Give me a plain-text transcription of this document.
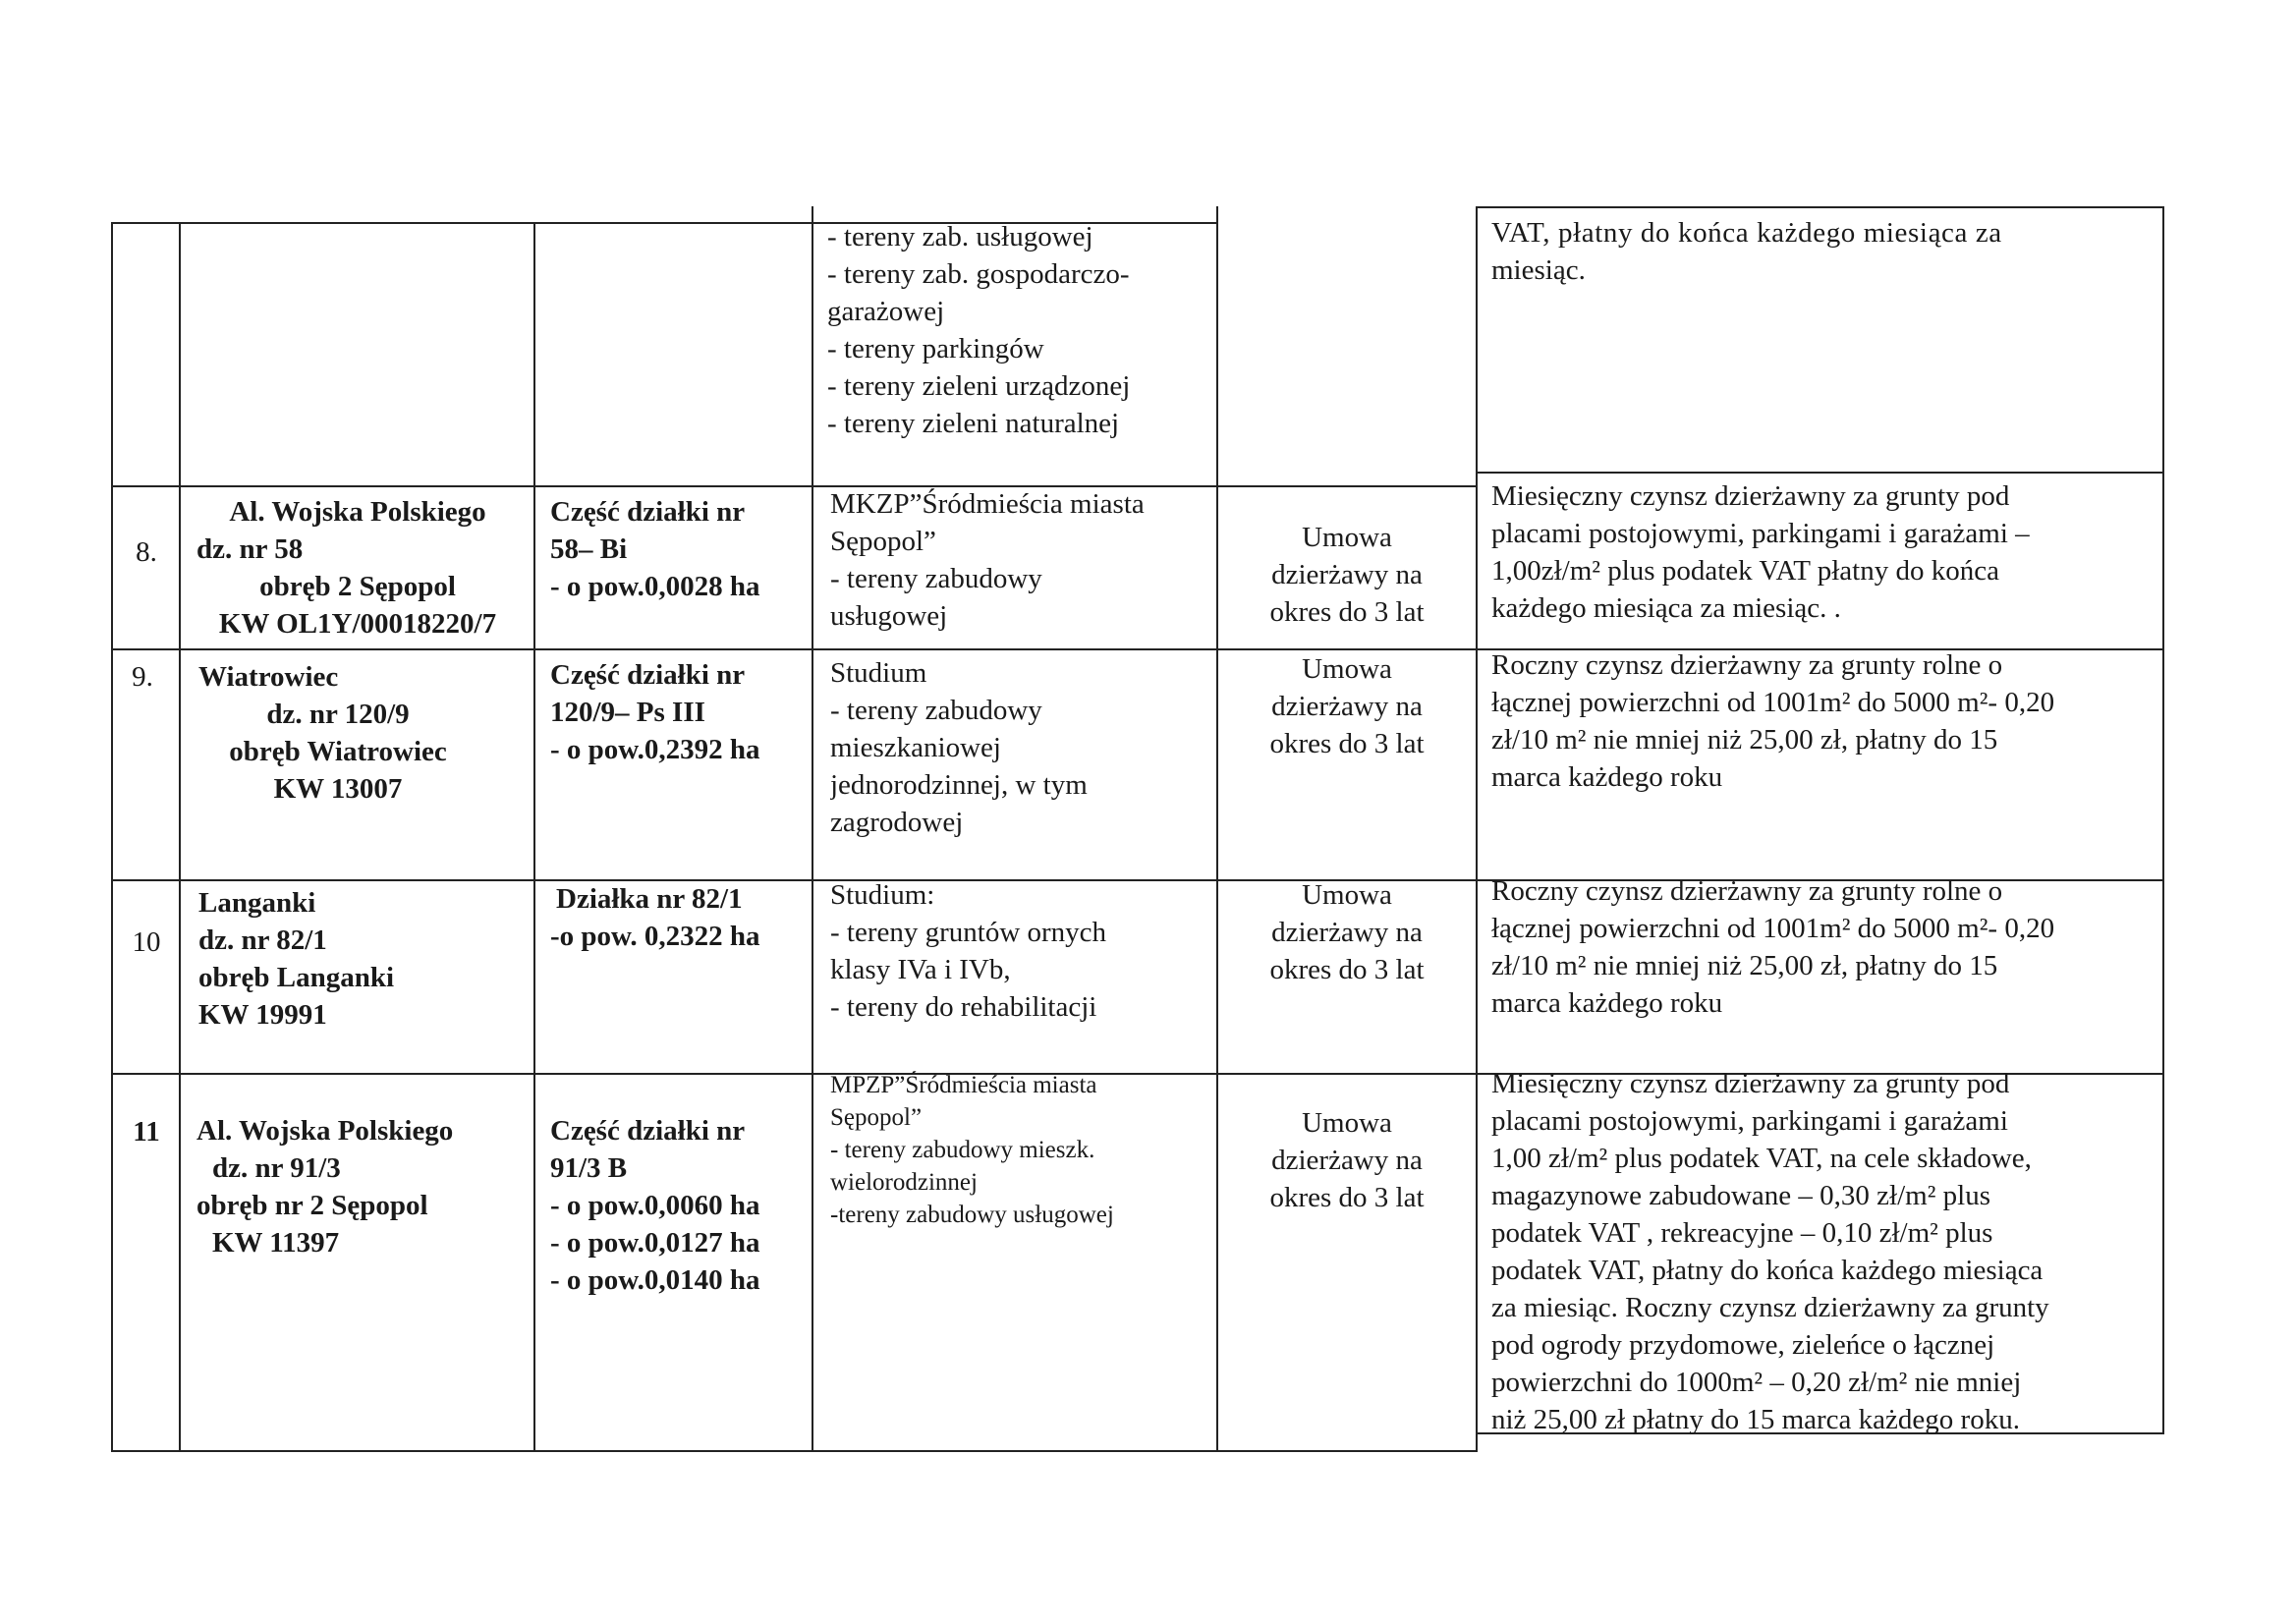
- tereny zab. usługowej
- tereny zab. gospodarczo-
garażowej
- tereny parkingów
- tereny zieleni urządzonej
- tereny zieleni naturalnej
VAT, płatny do końca każdego miesiąca za
miesiąc.
8.
Al. Wojska Polskiego
dz. nr 58
obręb 2 Sępopol
KW OL1Y/00018220/7
Część działki nr
58– Bi
- o pow.0,0028 ha
MKZP”Śródmieścia miasta
Sępopol”
- tereny zabudowy
usługowej
Umowa
dzierżawy na
okres do 3 lat
Miesięczny czynsz dzierżawny za grunty pod
placami postojowymi, parkingami i garażami –
1,00zł/m² plus podatek VAT płatny do końca
każdego miesiąca za miesiąc. .
9.	Wiatrowiec
dz. nr 120/9
obręb Wiatrowiec
KW 13007
Część działki nr
120/9– Ps III
- o pow.0,2392 ha
Studium
- tereny zabudowy
mieszkaniowej
jednorodzinnej, w tym
zagrodowej
Umowa
dzierżawy na
okres do 3 lat
Roczny czynsz dzierżawny za grunty rolne o
łącznej powierzchni od 1001m² do 5000 m²- 0,20
zł/10 m² nie mniej niż 25,00 zł, płatny do 15
marca każdego roku
10
Langanki
dz. nr 82/1
obręb Langanki
KW 19991
Działka nr 82/1
-o pow. 0,2322 ha
Studium:
- tereny gruntów ornych
klasy IVa i IVb,
- tereny do rehabilitacji
Umowa
dzierżawy na
okres do 3 lat
Roczny czynsz dzierżawny za grunty rolne o
łącznej powierzchni od 1001m² do 5000 m²- 0,20
zł/10 m² nie mniej niż 25,00 zł, płatny do 15
marca każdego roku
11	Al. Wojska Polskiego
dz. nr 91/3
obręb nr 2 Sępopol
KW 11397
Część działki nr
91/3 B
- o pow.0,0060 ha
- o pow.0,0127 ha
- o pow.0,0140 ha
MPZP”Śródmieścia miasta
Sępopol”
- tereny zabudowy mieszk.
wielorodzinnej
-tereny zabudowy usługowej
Umowa
dzierżawy na
okres do 3 lat
Miesięczny czynsz dzierżawny za grunty pod
placami postojowymi, parkingami i garażami
1,00 zł/m² plus podatek VAT, na cele składowe,
magazynowe zabudowane – 0,30 zł/m² plus
podatek VAT , rekreacyjne – 0,10 zł/m² plus
podatek VAT, płatny do końca każdego miesiąca
za miesiąc. Roczny czynsz dzierżawny za grunty
pod ogrody przydomowe, zieleńce o łącznej
powierzchni do 1000m² – 0,20 zł/m² nie mniej
niż 25,00 zł płatny do 15 marca każdego roku.
